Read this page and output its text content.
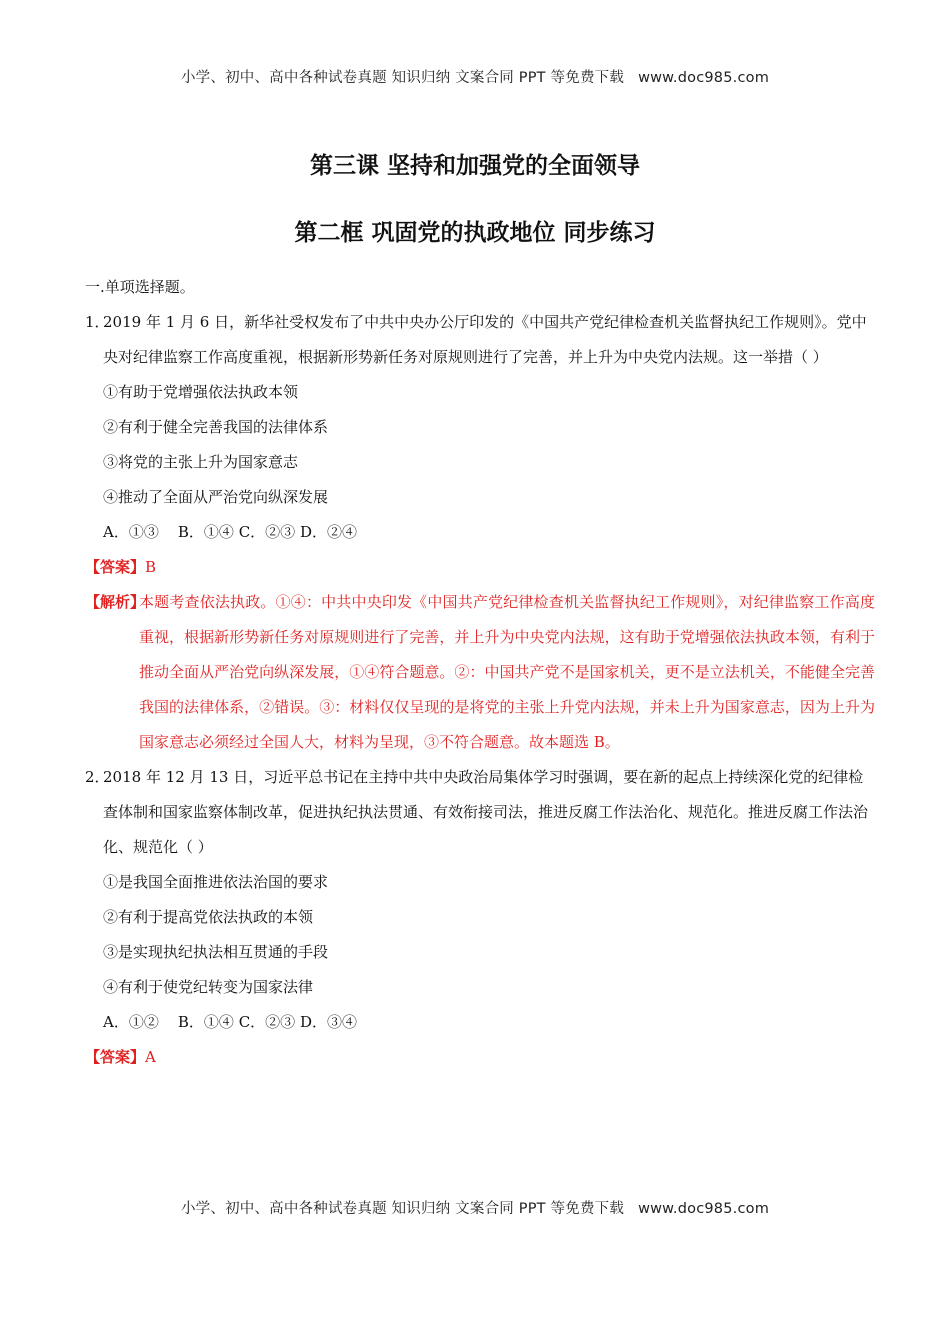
小学、初中、高中各种试卷真题 知识归纳 文案合同 PPT 等免费下载 www.doc985.com
第三课 坚持和加强党的全面领导
第二框 巩固党的执政地位 同步练习

一.单项选择题。

1．
2019 年 1 月 6 日，新华社受权发布了中共中央办公厅印发的《中国共产党纪律检查机关监督执纪工作规则》。党中央对纪律监察工作高度重视，根据新形势新任务对原规则进行了完善，并上升为中央党内法规。这一举措（ ）

①有助于党增强依法执政本领

②有利于健全完善我国的法律体系

③将党的主张上升为国家意志

④推动了全面从严治党向纵深发展

A．①③    B．①④ C．②③ D．②④

【答案】B

【解析】
本题考查依法执政。①④：中共中央印发《中国共产党纪律检查机关监督执纪工作规则》，对纪律监察工作高度重视，根据新形势新任务对原规则进行了完善，并上升为中央党内法规，这有助于党增强依法执政本领，有利于推动全面从严治党向纵深发展，①④符合题意。②：中国共产党不是国家机关，更不是立法机关，不能健全完善我国的法律体系，②错误。③：材料仅仅呈现的是将党的主张上升党内法规，并未上升为国家意志，因为上升为国家意志必须经过全国人大，材料为呈现，③不符合题意。故本题选 B。
2．
2018 年 12 月 13 日，习近平总书记在主持中共中央政治局集体学习时强调，要在新的起点上持续深化党的纪律检查体制和国家监察体制改革，促进执纪执法贯通、有效衔接司法，推进反腐工作法治化、规范化。推进反腐工作法治化、规范化（ ）

①是我国全面推进依法治国的要求

②有利于提高党依法执政的本领

③是实现执纪执法相互贯通的手段

④有利于使党纪转变为国家法律

A．①②    B．①④ C．②③ D．③④

【答案】A

小学、初中、高中各种试卷真题 知识归纳 文案合同 PPT 等免费下载 www.doc985.com
